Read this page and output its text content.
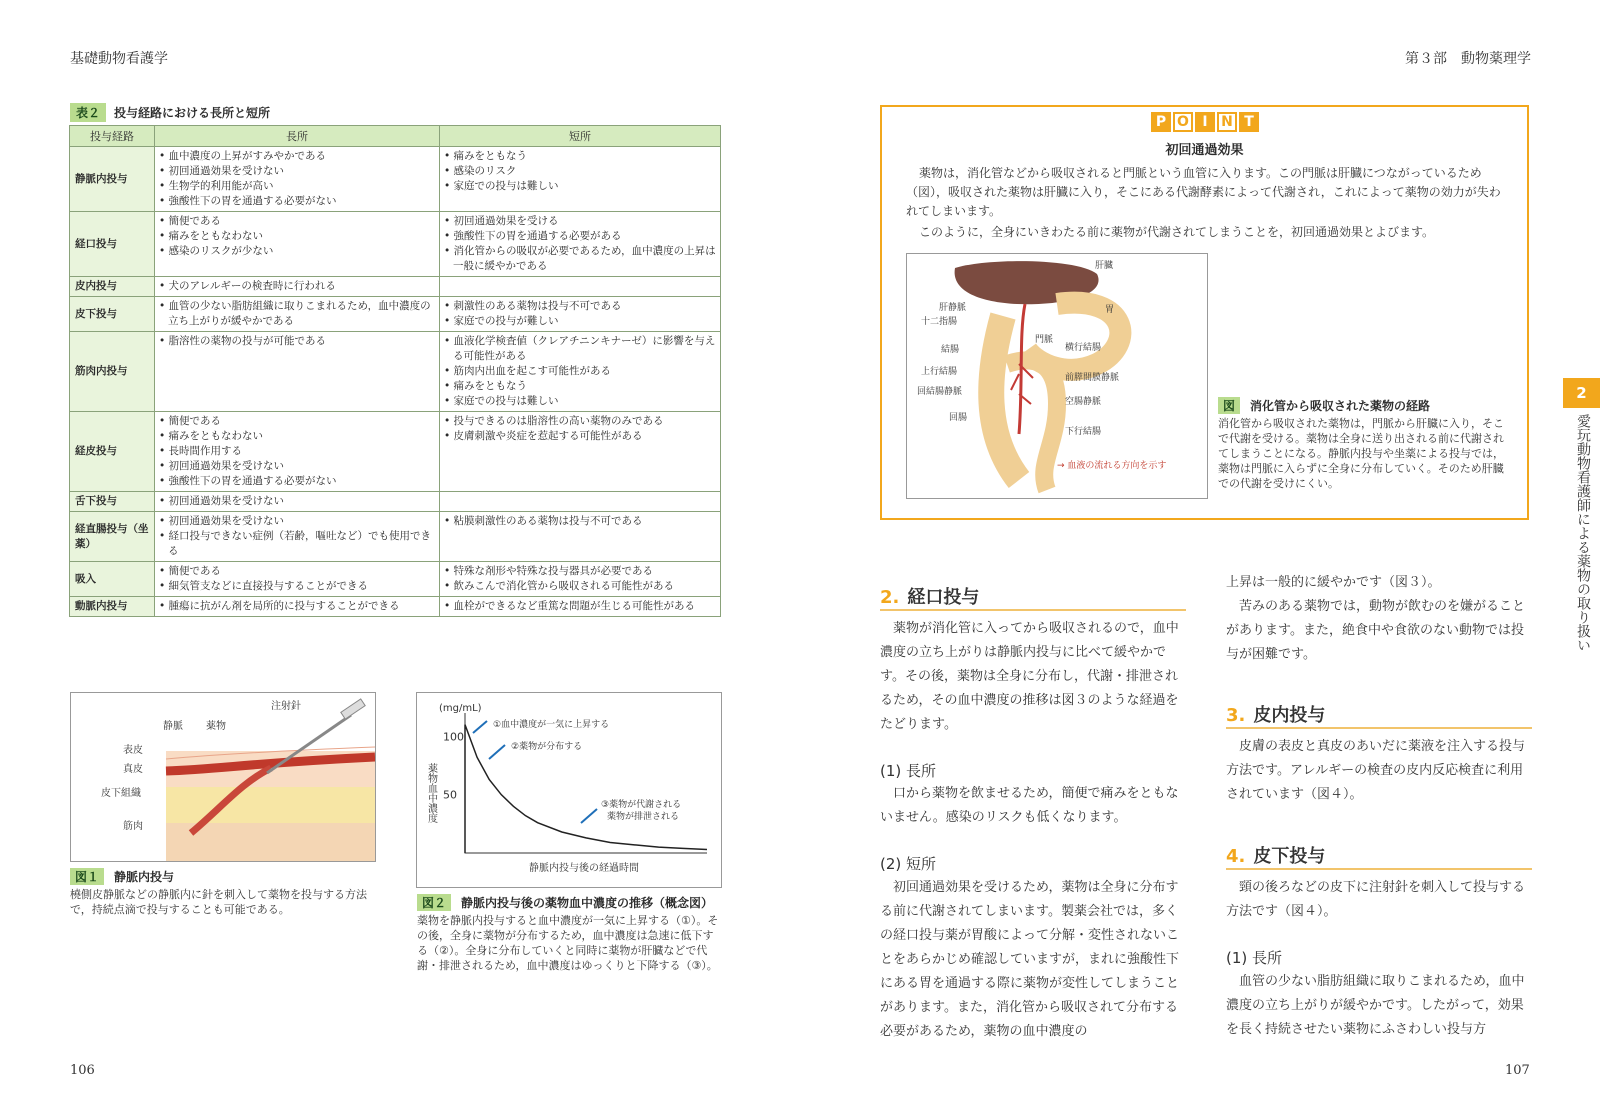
基礎動物看護学	第３部　動物薬理学
表２ 投与経路における長所と短所
投与経路	長所	短所
静脈内投与	• 血中濃度の上昇がすみやかである
• 初回通過効果を受けない
• 生物学的利用能が高い
• 強酸性下の胃を通過する必要がない	• 痛みをともなう
• 感染のリスク
• 家庭での投与は難しい

経口投与	• 簡便である
• 痛みをともなわない
• 感染のリスクが少ない	• 初回通過効果を受ける
• 強酸性下の胃を通過する必要がある
• 消化管からの吸収が必要であるため，血中濃度の上昇は一般に緩やかである

皮内投与	• 犬のアレルギーの検査時に行われる

皮下投与	• 血管の少ない脂肪組織に取りこまれるため，血中濃度の立ち上がりが緩やかである	• 刺激性のある薬物は投与不可である
• 家庭での投与が難しい

筋肉内投与	• 脂溶性の薬物の投与が可能である	• 血液化学検査値（クレアチニンキナーゼ）に影響を与える可能性がある
• 筋肉内出血を起こす可能性がある
• 痛みをともなう
• 家庭での投与は難しい

経皮投与	• 簡便である
• 痛みをともなわない
• 長時間作用する
• 初回通過効果を受けない
• 強酸性下の胃を通過する必要がない	• 投与できるのは脂溶性の高い薬物のみである
• 皮膚刺激や炎症を惹起する可能性がある

舌下投与	• 初回通過効果を受けない

経直腸投与（坐薬）	• 初回通過効果を受けない
• 経口投与できない症例（若齢，嘔吐など）でも使用できる	• 粘膜刺激性のある薬物は投与不可である

吸入	• 簡便である
• 細気管支などに直接投与することができる	• 特殊な剤形や特殊な投与器具が必要である
• 飲みこんで消化管から吸収される可能性がある

動脈内投与	• 腫瘍に抗がん剤を局所的に投与することができる	• 血栓ができるなど重篤な問題が生じる可能性がある
注射針
静脈 薬物
表皮
真皮
皮下組織
筋肉
図１ 静脈内投与
橈側皮静脈などの静脈内に針を刺入して薬物を投与する方法で，持続点滴で投与することも可能である。
(mg/mL)
薬物血中濃度
静脈内投与後の経過時間
①血中濃度が一気に上昇する
②薬物が分布する
③薬物が代謝される
薬物が排泄される
100
50
図２ 静脈内投与後の薬物血中濃度の推移（概念図）
薬物を静脈内投与すると血中濃度が一気に上昇する（①）。その後，全身に薬物が分布するため，血中濃度は急速に低下する（②）。全身に分布していくと同時に薬物が肝臓などで代謝・排泄されるため，血中濃度はゆっくりと下降する（③）。
106
P O I N T
初回通過効果
薬物は，消化管などから吸収されると門脈という血管に入ります。この門脈は肝臓につながっているため（図），吸収された薬物は肝臓に入り，そこにある代謝酵素によって代謝され，これによって薬物の効力が失われてしまいます。
このように，全身にいきわたる前に薬物が代謝されてしまうことを，初回通過効果とよびます。
肝臓
肝静脈
十二指腸
胃
門脈
結腸	横行結腸
上行結腸
前膵間膜静脈
回結腸静脈
空腸静脈
回腸
下行結腸
→ 血液の流れる方向を示す
図 消化管から吸収された薬物の経路
消化管から吸収された薬物は，門脈から肝臓に入り，そこで代謝を受ける。薬物は全身に送り出される前に代謝されてしまうことになる。静脈内投与や坐薬による投与では，薬物は門脈に入らずに全身に分布していく。そのため肝臓での代謝を受けにくい。
2. 経口投与
薬物が消化管に入ってから吸収されるので，血中濃度の立ち上がりは静脈内投与に比べて緩やかです。その後，薬物は全身に分布し，代謝・排泄されるため，その血中濃度の推移は図３のような経過をたどります。
(1) 長所
口から薬物を飲ませるため，簡便で痛みをともないません。感染のリスクも低くなります。
(2) 短所
初回通過効果を受けるため，薬物は全身に分布する前に代謝されてしまいます。製薬会社では，多くの経口投与薬が胃酸によって分解・変性されないことをあらかじめ確認していますが，まれに強酸性下にある胃を通過する際に薬物が変性してしまうことがあります。また，消化管から吸収されて分布する必要があるため，薬物の血中濃度の
上昇は一般的に緩やかです（図３）。
苦みのある薬物では，動物が飲むのを嫌がることがあります。また，絶食中や食欲のない動物では投与が困難です。
3. 皮内投与
皮膚の表皮と真皮のあいだに薬液を注入する投与方法です。アレルギーの検査の皮内反応検査に利用されています（図４）。
4. 皮下投与
頸の後ろなどの皮下に注射針を刺入して投与する方法です（図４）。
(1) 長所
血管の少ない脂肪組織に取りこまれるため，血中濃度の立ち上がりが緩やかです。したがって，効果を長く持続させたい薬物にふさわしい投与方
2
愛玩動物看護師による薬物の取り扱い
107
